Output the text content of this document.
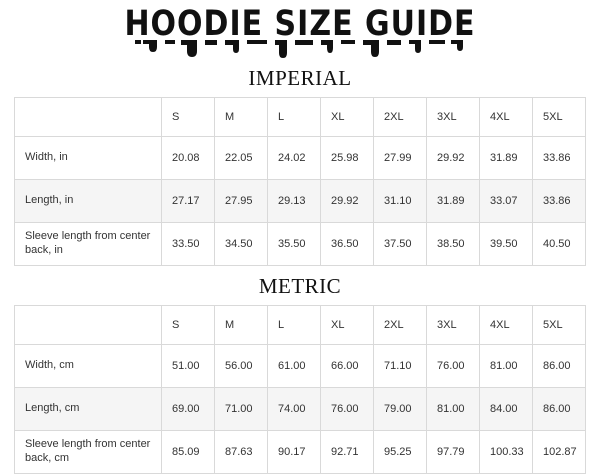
HOODIE SIZE GUIDE
IMPERIAL
	S	M	L	XL	2XL	3XL	4XL	5XL
Width, in	20.08	22.05	24.02	25.98	27.99	29.92	31.89	33.86
Length, in	27.17	27.95	29.13	29.92	31.10	31.89	33.07	33.86
Sleeve length from center back, in	33.50	34.50	35.50	36.50	37.50	38.50	39.50	40.50
METRIC
	S	M	L	XL	2XL	3XL	4XL	5XL
Width, cm	51.00	56.00	61.00	66.00	71.10	76.00	81.00	86.00
Length, cm	69.00	71.00	74.00	76.00	79.00	81.00	84.00	86.00
Sleeve length from center back, cm	85.09	87.63	90.17	92.71	95.25	97.79	100.33	102.87
